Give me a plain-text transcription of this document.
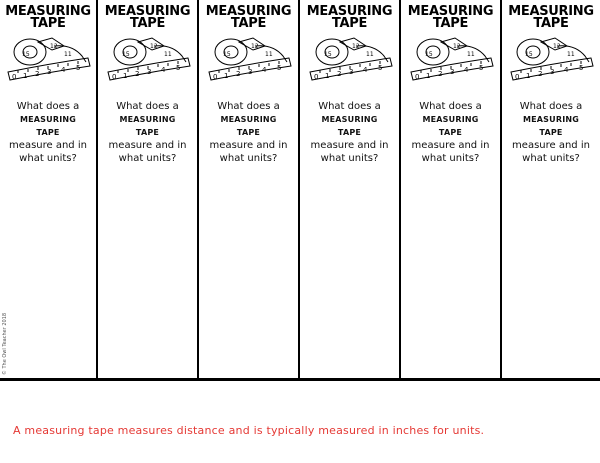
MEASURING
TAPE
0 1 2 3 4 5
12
11
15
What does a
MEASURING
TAPE
measure and in
what units?
MEASURING
TAPE
0 1 2 3 4 5
12
11
15
What does a
MEASURING
TAPE
measure and in
what units?
MEASURING
TAPE
0 1 2 3 4 5
12
11
15
What does a
MEASURING
TAPE
measure and in
what units?
MEASURING
TAPE
0 1 2 3 4 5
12
11
15
What does a
MEASURING
TAPE
measure and in
what units?
MEASURING
TAPE
0 1 2 3 4 5
12
11
15
What does a
MEASURING
TAPE
measure and in
what units?
MEASURING
TAPE
0 1 2 3 4 5
12
11
15
What does a
MEASURING
TAPE
measure and in
what units?
© The Owl Teacher 2018
A measuring tape measures distance and is typically measured in inches for units.
